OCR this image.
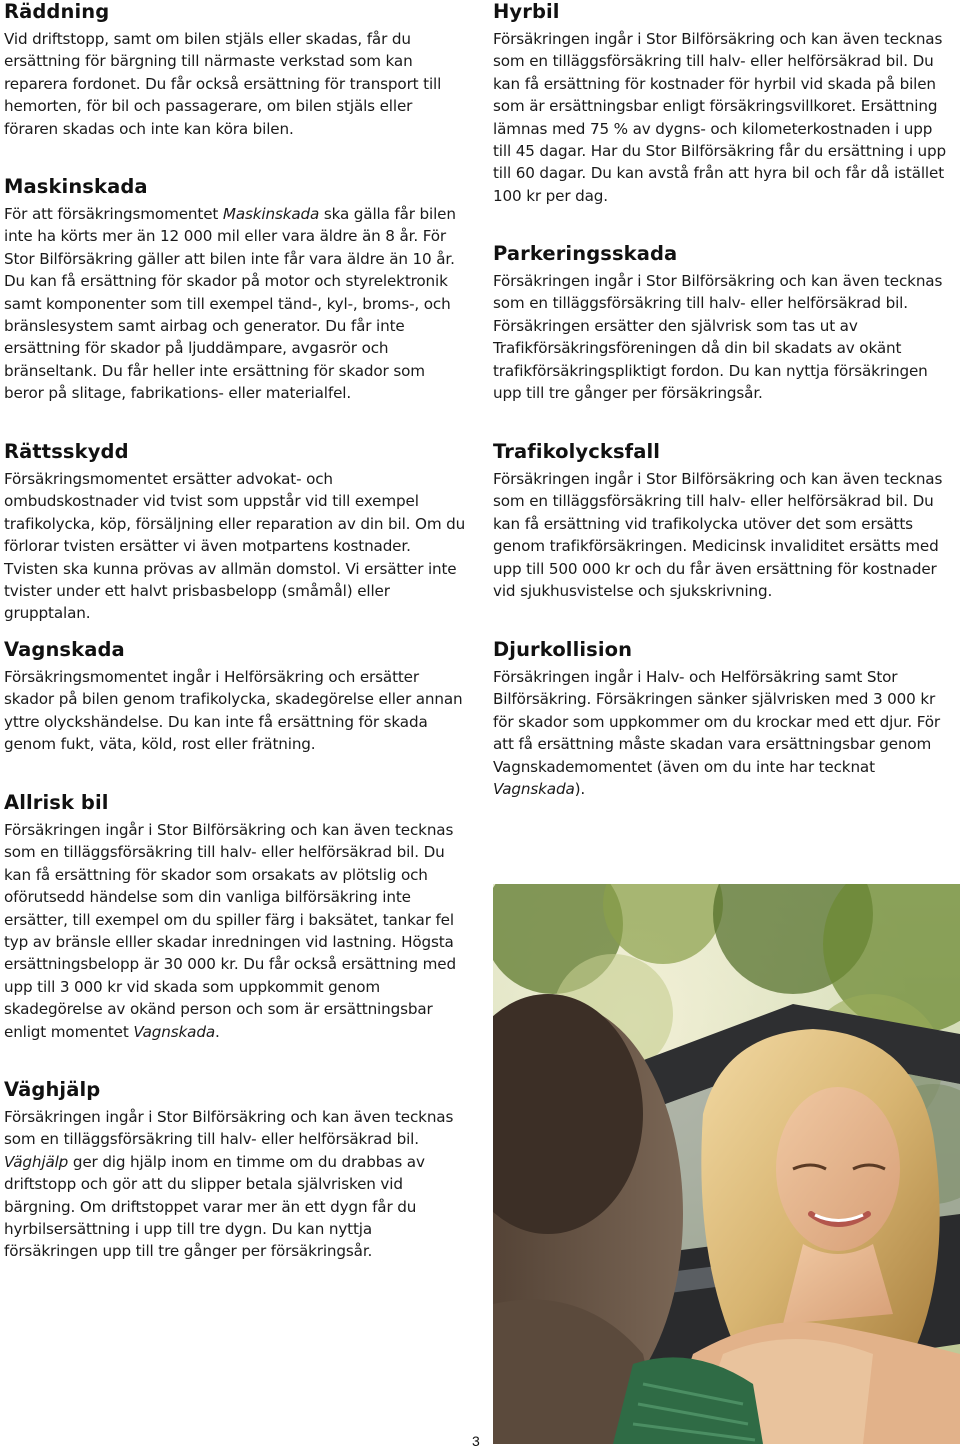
Räddning

Vid driftstopp, samt om bilen stjäls eller skadas, får du ersättning för bärgning till närmaste verkstad som kan reparera fordonet. Du får också ersättning för transport till hemorten, för bil och passagerare, om bilen stjäls eller föraren skadas och inte kan köra bilen.

Maskinskada

För att försäkringsmomentet Maskinskada ska gälla får bilen inte ha körts mer än 12 000 mil eller vara äldre än 8 år. För Stor Bilförsäkring gäller att bilen inte får vara äldre än 10 år. Du kan få ersättning för skador på motor och styrelektronik samt komponenter som till exempel tänd-, kyl-, broms-, och bränslesystem samt airbag och generator. Du får inte ersättning för skador på ljuddämpare, avgasrör och bränseltank. Du får heller inte ersättning för skador som beror på slitage, fabrikations- eller materialfel.

Rättsskydd

Försäkringsmomentet ersätter advokat- och ombudskostnader vid tvist som uppstår vid till exempel trafikolycka, köp, försäljning eller reparation av din bil. Om du förlorar tvisten ersätter vi även motpartens kostnader. Tvisten ska kunna prövas av allmän domstol. Vi ersätter inte tvister under ett halvt prisbasbelopp (småmål) eller grupptalan.

Vagnskada

Försäkringsmomentet ingår i Helförsäkring och ersätter skador på bilen genom trafikolycka, skadegörelse eller annan yttre olyckshändelse. Du kan inte få ersättning för skada genom fukt, väta, köld, rost eller frätning.

Allrisk bil

Försäkringen ingår i Stor Bilförsäkring och kan även tecknas som en tilläggsförsäkring till halv- eller helförsäkrad bil. Du kan få ersättning för skador som orsakats av plötslig och oförutsedd händelse som din vanliga bilförsäkring inte ersätter, till exempel om du spiller färg i baksätet, tankar fel typ av bränsle elller skadar inredningen vid lastning. Högsta ersättningsbelopp är 30 000 kr. Du får också ersättning med upp till 3 000 kr vid skada som uppkommit genom skadegörelse av okänd person och som är ersättningsbar enligt momentet Vagnskada.

Väghjälp

Försäkringen ingår i Stor Bilförsäkring och kan även tecknas som en tilläggsförsäkring till halv- eller helförsäkrad bil. Väghjälp ger dig hjälp inom en timme om du drabbas av driftstopp och gör att du slipper betala självrisken vid bärgning. Om driftstoppet varar mer än ett dygn får du hyrbilsersättning i upp till tre dygn. Du kan nyttja försäkringen upp till tre gånger per försäkringsår.

Hyrbil

Försäkringen ingår i Stor Bilförsäkring och kan även tecknas som en tilläggsförsäkring till halv- eller helförsäkrad bil. Du kan få ersättning för kostnader för hyrbil vid skada på bilen som är ersättningsbar enligt försäkringsvillkoret. Ersättning lämnas med 75 % av dygns- och kilometerkostnaden i upp till 45 dagar. Har du Stor Bilförsäkring får du ersättning i upp till 60 dagar. Du kan avstå från att hyra bil och får då istället 100 kr per dag.

Parkeringsskada

Försäkringen ingår i Stor Bilförsäkring och kan även tecknas som en tilläggsförsäkring till halv- eller helförsäkrad bil. Försäkringen ersätter den självrisk som tas ut av Trafikförsäkringsföreningen då din bil skadats av okänt trafikförsäkringspliktigt fordon. Du kan nyttja försäkringen upp till tre gånger per försäkringsår.

Trafikolycksfall

Försäkringen ingår i Stor Bilförsäkring och kan även tecknas som en tilläggsförsäkring till halv- eller helförsäkrad bil. Du kan få ersättning vid trafikolycka utöver det som ersätts genom trafikförsäkringen. Medicinsk invaliditet ersätts med upp till 500 000 kr och du får även ersättning för kostnader vid sjukhusvistelse och sjukskrivning.

Djurkollision

Försäkringen ingår i Halv- och Helförsäkring samt Stor Bilförsäkring. Försäkringen sänker självrisken med 3 000 kr för skador som uppkommer om du krockar med ett djur. För att få ersättning måste skadan vara ersättningsbar genom Vagnskademomentet (även om du inte har tecknat Vagnskada).

3
